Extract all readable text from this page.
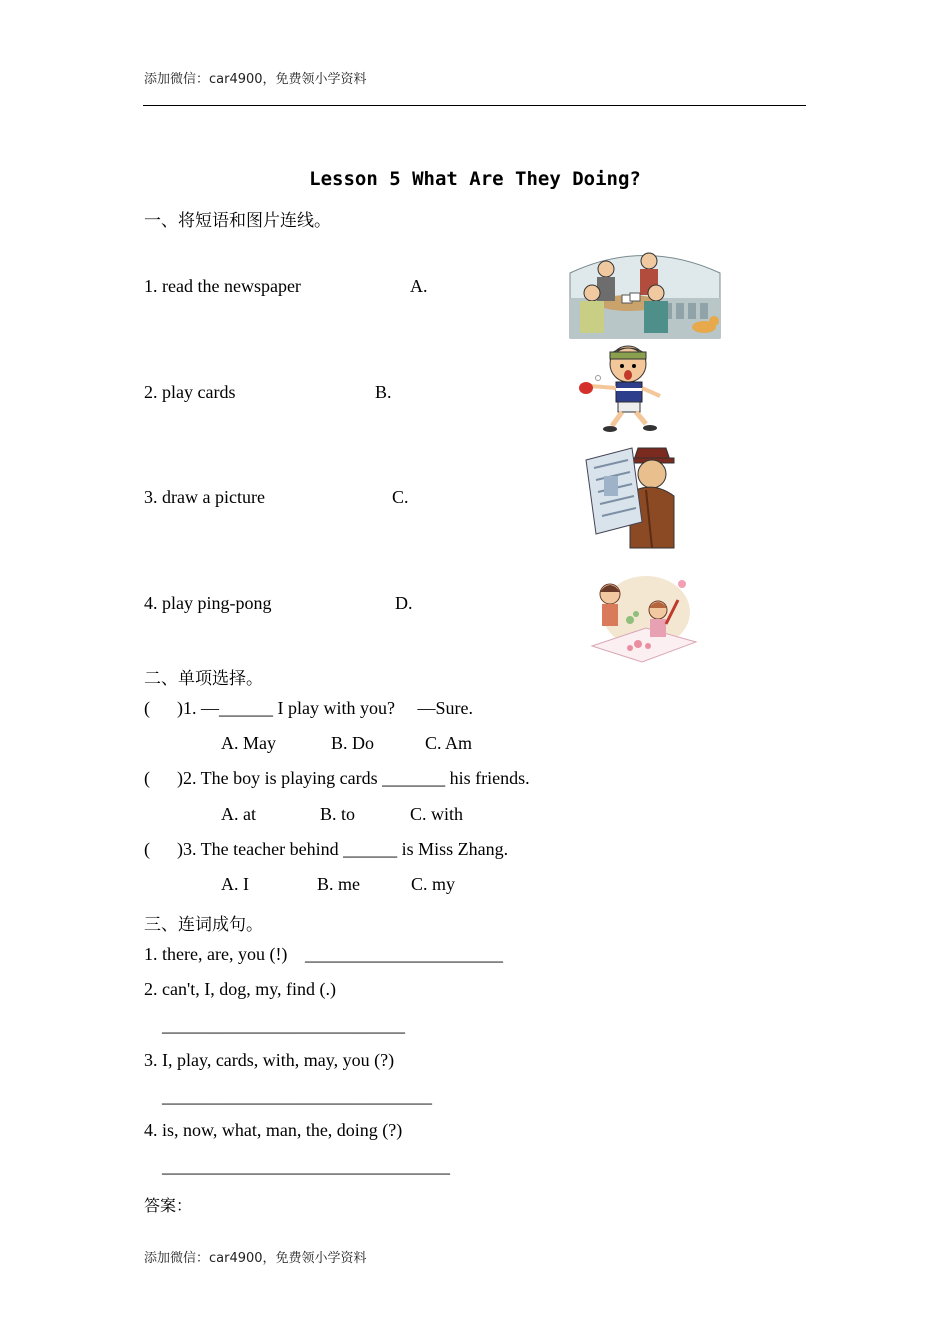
添加微信：car4900，免费领小学资料
Lesson 5 What Are They Doing?
一、将短语和图片连线。
1. read the newspaper	A.
2. play cards	B.
3. draw a picture	C.
4. play ping-pong	D.
二、单项选择。
(      )1. —______ I play with you?     —Sure.
A. May	B. Do	C. Am
(      )2. The boy is playing cards _______ his friends.
A. at	B. to	C. with
(      )3. The teacher behind ______ is Miss Zhang.
A. I	B. me	C. my
三、连词成句。
1. there, are, you (!) ______________________
2. can't, I, dog, my, find (.)
___________________________
3. I, play, cards, with, may, you (?)
______________________________
4. is, now, what, man, the, doing (?)
________________________________
答案：
添加微信：car4900，免费领小学资料
